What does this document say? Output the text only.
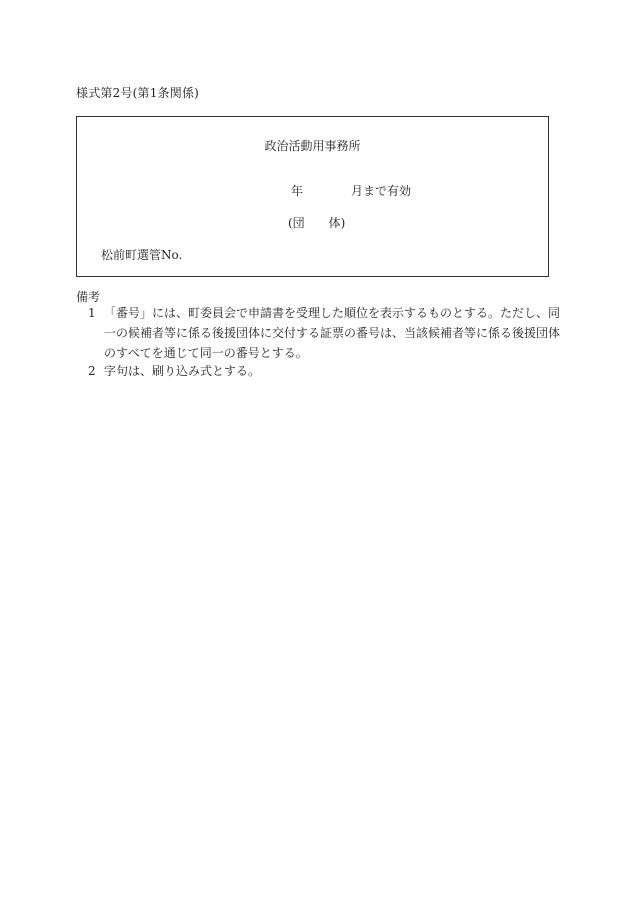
様式第2号(第1条関係)
政治活動用事務所
年	月まで有効
(団　　体)
松前町選管No.
備考
1 「番号」には、町委員会で申請書を受理した順位を表示するものとする。ただし、同一の候補者等に係る後援団体に交付する証票の番号は、当該候補者等に係る後援団体のすべてを通じて同一の番号とする。
2 字句は、刷り込み式とする。
